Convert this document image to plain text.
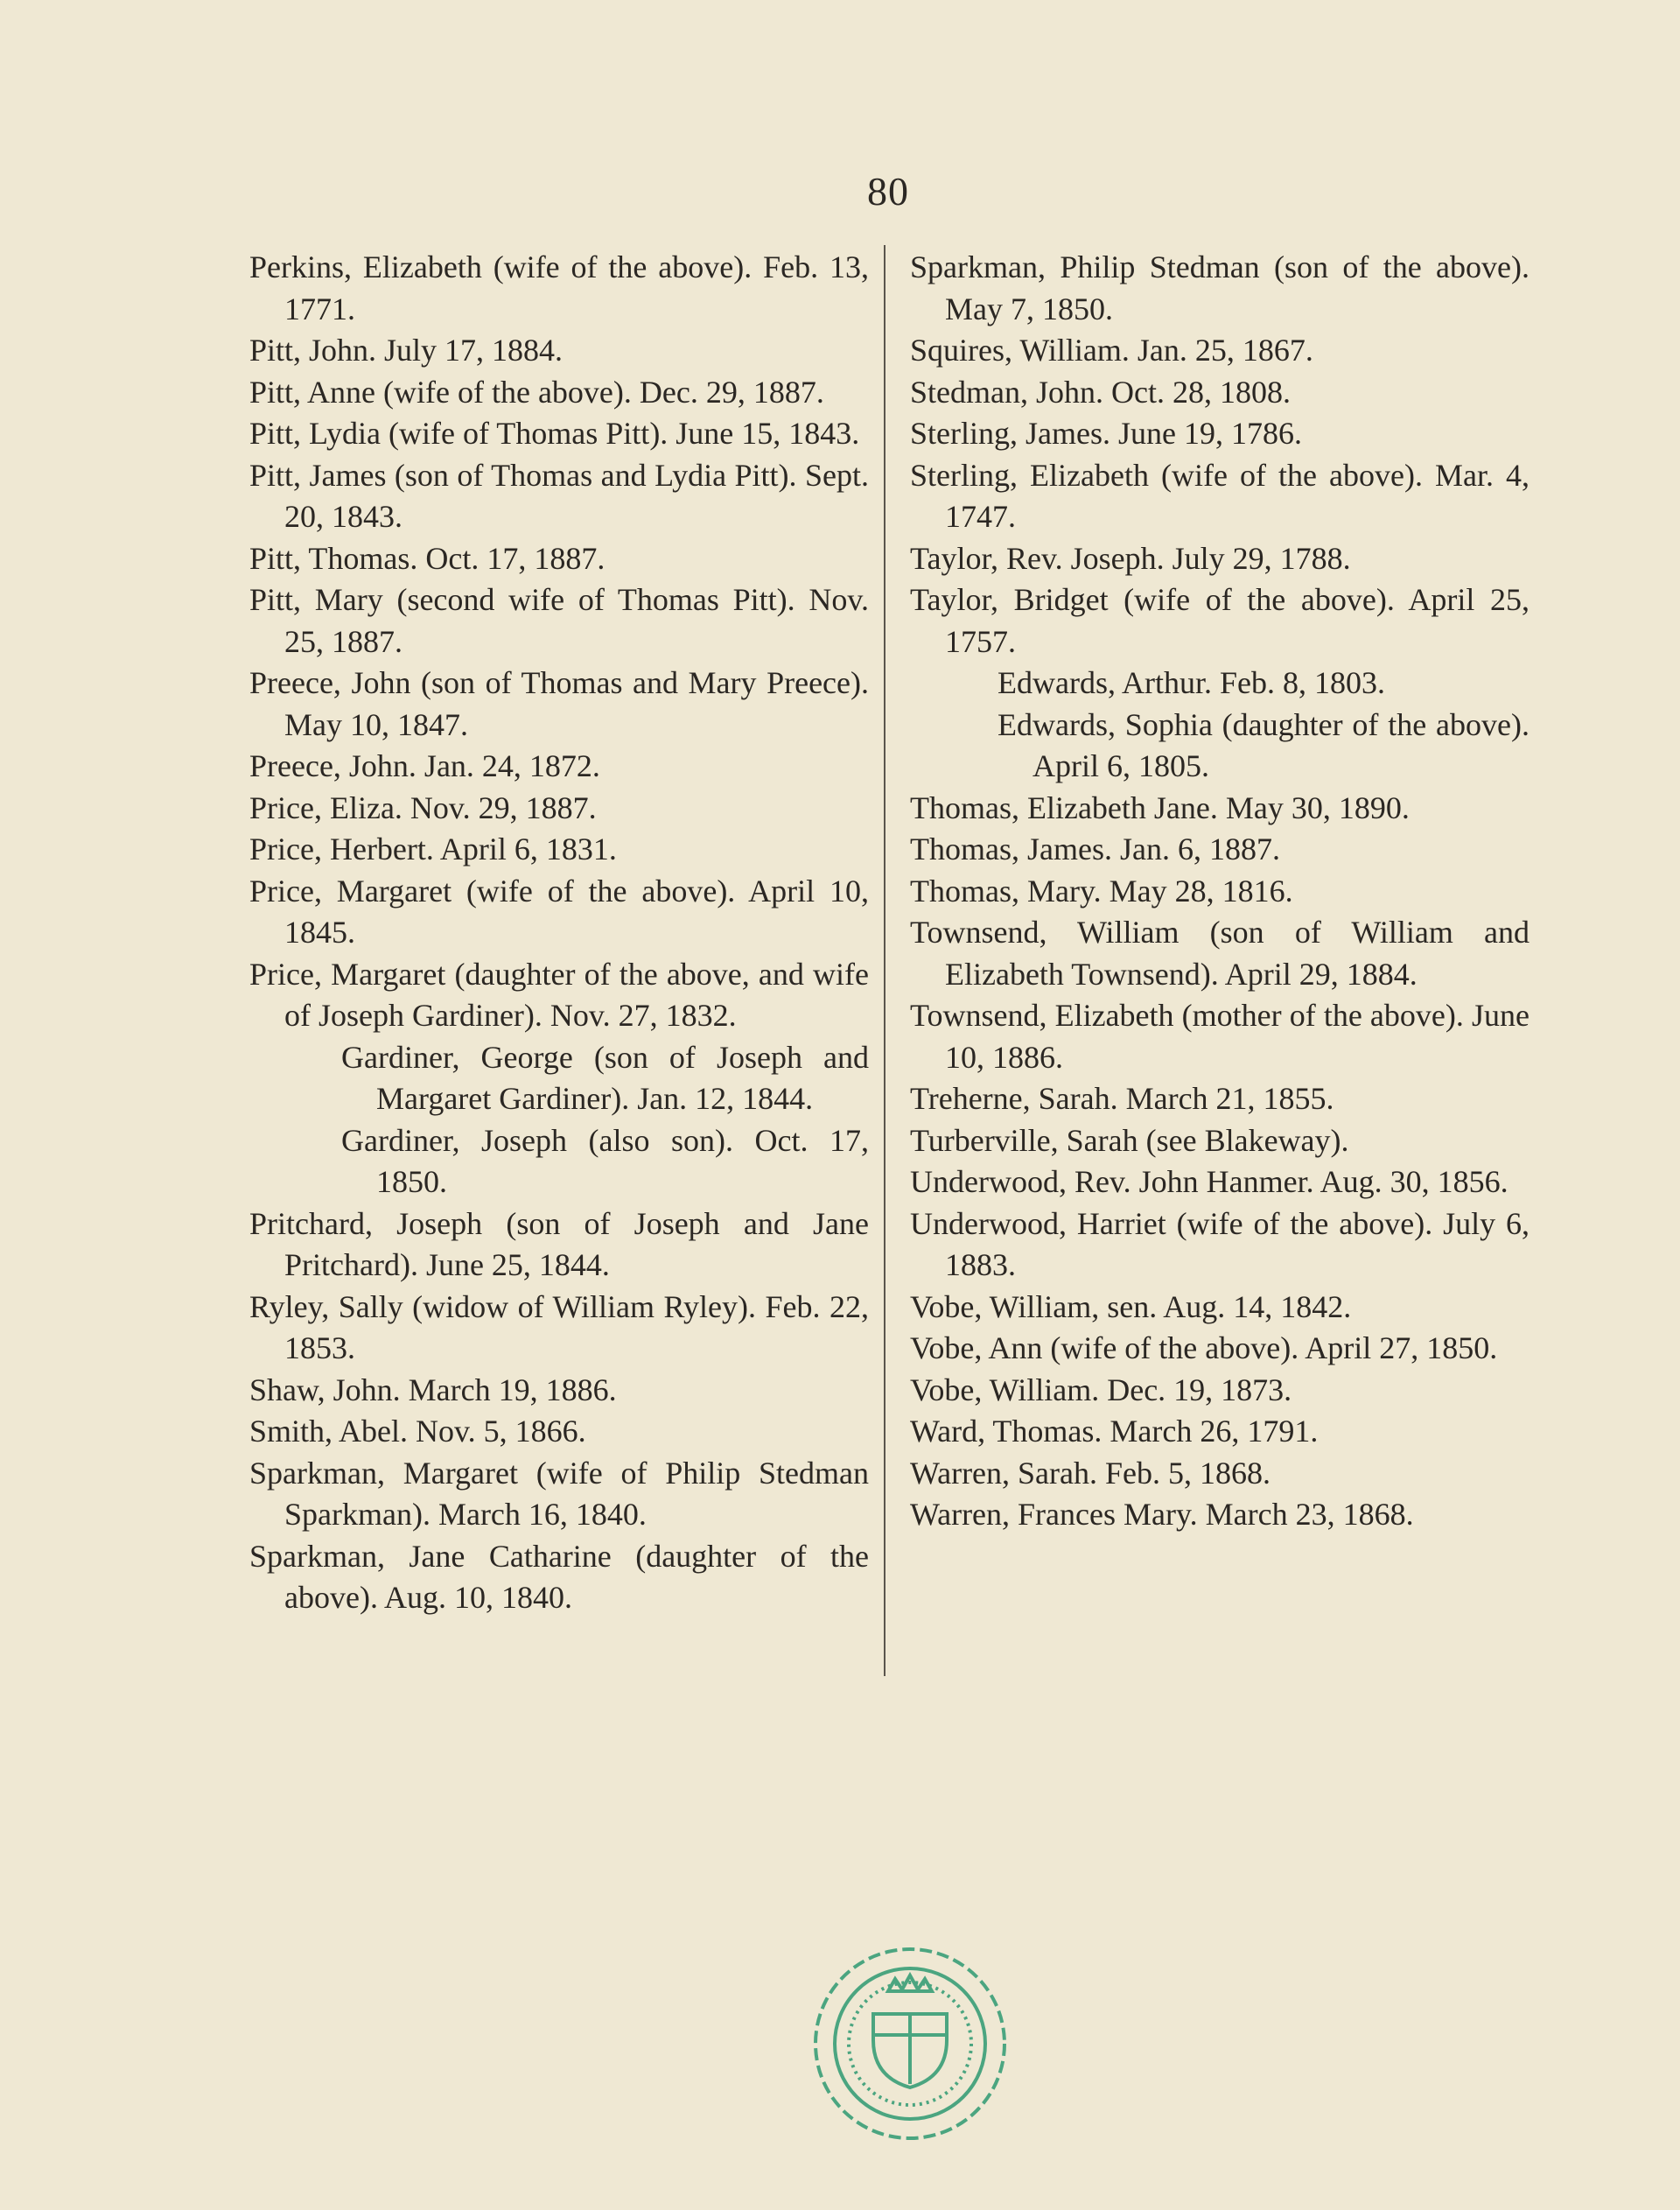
80
Perkins, Elizabeth (wife of the above). Feb. 13, 1771.
Pitt, John. July 17, 1884.
Pitt, Anne (wife of the above). Dec. 29, 1887.
Pitt, Lydia (wife of Thomas Pitt). June 15, 1843.
Pitt, James (son of Thomas and Lydia Pitt). Sept. 20, 1843.
Pitt, Thomas. Oct. 17, 1887.
Pitt, Mary (second wife of Thomas Pitt). Nov. 25, 1887.
Preece, John (son of Thomas and Mary Preece). May 10, 1847.
Preece, John. Jan. 24, 1872.
Price, Eliza. Nov. 29, 1887.
Price, Herbert. April 6, 1831.
Price, Margaret (wife of the above). April 10, 1845.
Price, Margaret (daughter of the above, and wife of Joseph Gardiner). Nov. 27, 1832.
Gardiner, George (son of Joseph and Margaret Gardiner). Jan. 12, 1844.
Gardiner, Joseph (also son). Oct. 17, 1850.
Pritchard, Joseph (son of Joseph and Jane Pritchard). June 25, 1844.
Ryley, Sally (widow of William Ryley). Feb. 22, 1853.
Shaw, John. March 19, 1886.
Smith, Abel. Nov. 5, 1866.
Sparkman, Margaret (wife of Philip Stedman Sparkman). March 16, 1840.
Sparkman, Jane Catharine (daughter of the above). Aug. 10, 1840.
Sparkman, Philip Stedman (son of the above). May 7, 1850.
Squires, William. Jan. 25, 1867.
Stedman, John. Oct. 28, 1808.
Sterling, James. June 19, 1786.
Sterling, Elizabeth (wife of the above). Mar. 4, 1747.
Taylor, Rev. Joseph. July 29, 1788.
Taylor, Bridget (wife of the above). April 25, 1757.
Edwards, Arthur. Feb. 8, 1803.
Edwards, Sophia (daughter of the above). April 6, 1805.
Thomas, Elizabeth Jane. May 30, 1890.
Thomas, James. Jan. 6, 1887.
Thomas, Mary. May 28, 1816.
Townsend, William (son of William and Elizabeth Townsend). April 29, 1884.
Townsend, Elizabeth (mother of the above). June 10, 1886.
Treherne, Sarah. March 21, 1855.
Turberville, Sarah (see Blakeway).
Underwood, Rev. John Hanmer. Aug. 30, 1856.
Underwood, Harriet (wife of the above). July 6, 1883.
Vobe, William, sen. Aug. 14, 1842.
Vobe, Ann (wife of the above). April 27, 1850.
Vobe, William. Dec. 19, 1873.
Ward, Thomas. March 26, 1791.
Warren, Sarah. Feb. 5, 1868.
Warren, Frances Mary. March 23, 1868.
